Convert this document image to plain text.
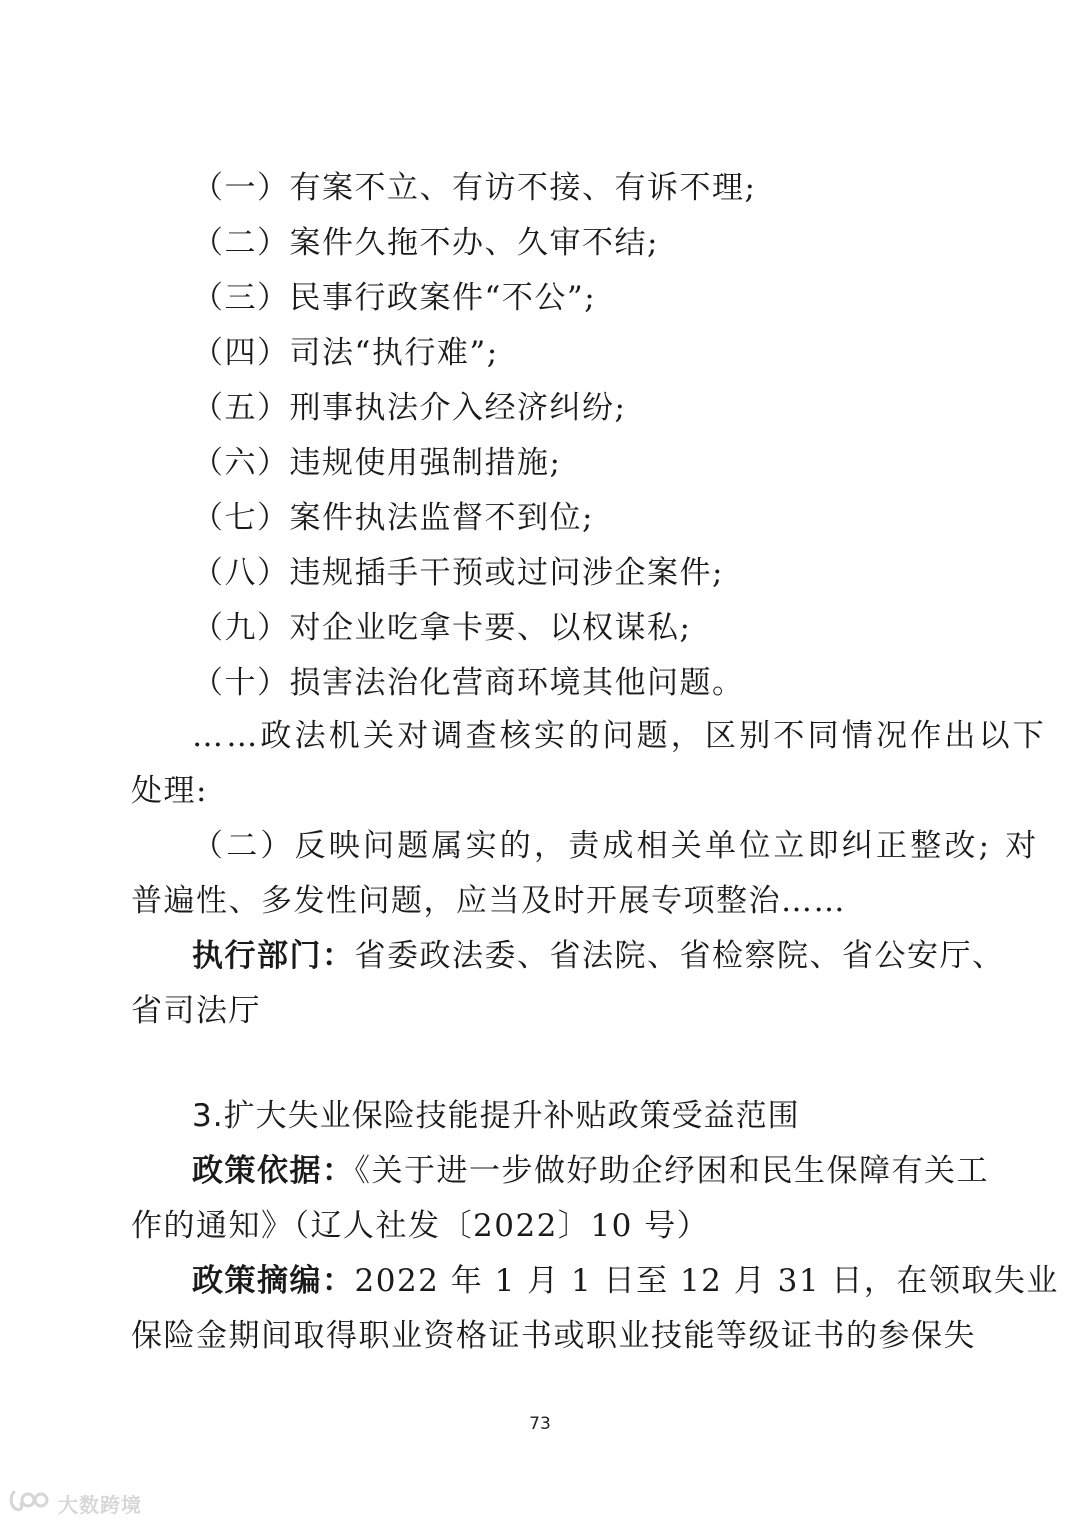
（一）有案不立、有访不接、有诉不理;
（二）案件久拖不办、久审不结;
（三）民事行政案件“不公”;
（四）司法“执行难”;
（五）刑事执法介入经济纠纷;
（六）违规使用强制措施;
（七）案件执法监督不到位;
（八）违规插手干预或过问涉企案件;
（九）对企业吃拿卡要、以权谋私;
（十）损害法治化营商环境其他问题。
……政法机关对调查核实的问题，区别不同情况作出以下
处理:
（二）反映问题属实的，责成相关单位立即纠正整改; 对
普遍性、多发性问题，应当及时开展专项整治……
执行部门：省委政法委、省法院、省检察院、省公安厅、
省司法厅
3.扩大失业保险技能提升补贴政策受益范围
政策依据：《关于进一步做好助企纾困和民生保障有关工
作的通知》（辽人社发〔2022〕10 号）
政策摘编：2022 年 1 月 1 日至 12 月 31 日，在领取失业
保险金期间取得职业资格证书或职业技能等级证书的参保失
73
大数跨境
